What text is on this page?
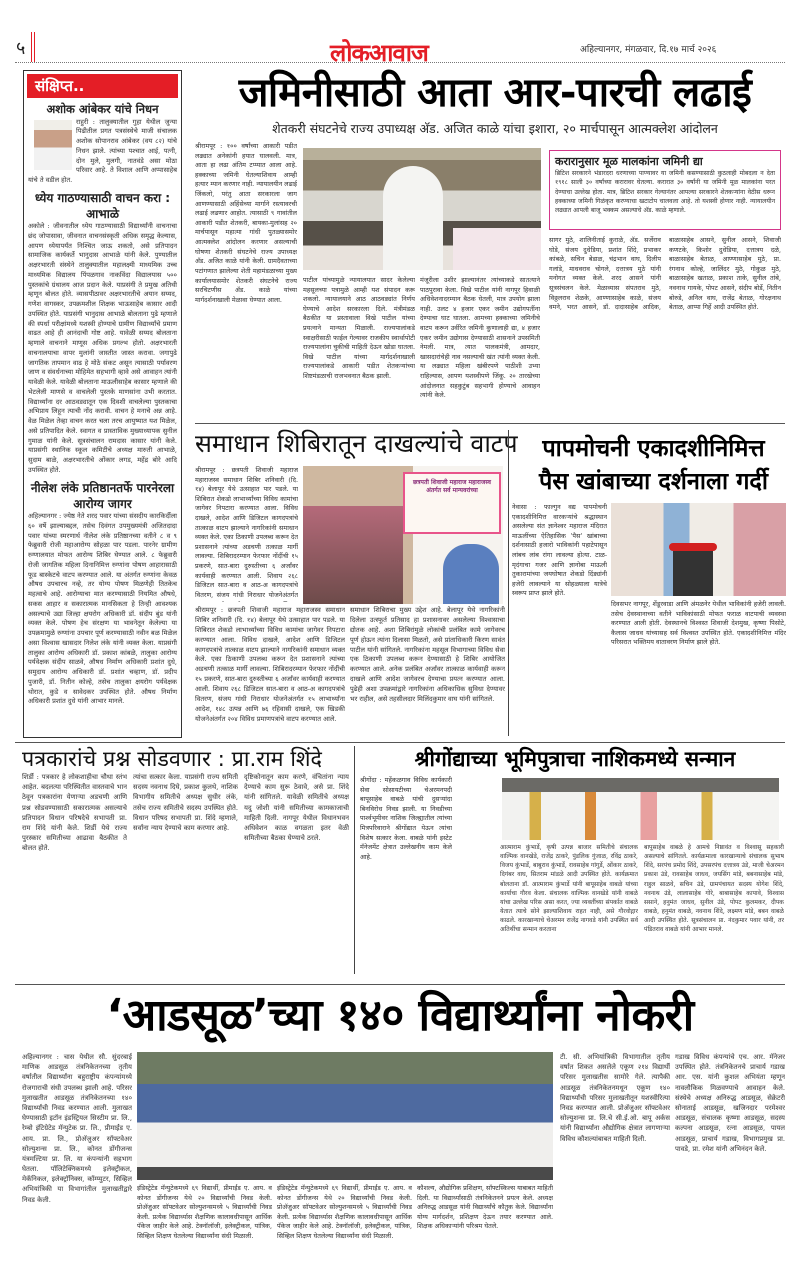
५	लोकआवाज	अहिल्यानगर, मंगळवार, दि.१७ मार्च २०२६
संक्षिप्त..
अशोक आंबेकर यांचे निधन
राहुरी : तालुक्यातील गुहा येथील जुन्या पिढीतील प्रगत पत्रसंस्थेचे माजी संचालक अशोक सोपानराव आंबेकर (वय ८२) यांचे निधन झाले. त्यांच्या पश्चात आई, पत्नी, दोन मुले, मुलगी, नातवंडे असा मोठा परिवार आहे. ते विशाल आणि अप्पासाहेब यांचे ते वडील होत.
ध्येय गाठण्यासाठी वाचन करा : आभाळे
अकोले : जीवनातील ध्येय गाठण्यासाठी विद्यार्थ्यांनी वाचनाचा छंद जोपासावा, जीवनात वाचनसंस्कृती अधिक समृद्ध केल्यास, आपण ध्येयापर्यंत निश्चित जाऊ शकतो, असे प्रतिपादन सामाजिक कार्यकर्ते भानुदास आभाळे यांनी केले. पुण्यातील अक्षरभारती संस्थेने तालुक्यातील महालक्ष्मी माध्यमिक उच्च माध्यमिक विद्यालय पिंपळगाव नाकविंदा विद्यालयास ५०० पुस्तकांचे ग्रंथालय आज प्रदान केले. याप्रसंगी ते प्रमुख अतिथी म्हणून बोलत होते. व्यासपीठावर अक्षरभारतीचे अयान सय्यद, गणेश वागस्कर, उपक्रमशील शिक्षक भाऊसाहेब कासार आदी उपस्थित होते. याप्रसंगी भानुदास आभाळे बोलताना पुढे म्हणाले की स्पर्धा परीक्षांमध्ये यशस्वी होण्याचे ग्रामीण विद्यार्थ्यांचे प्रमाण वाढत आहे ही आनंदाची गोष्ट आहे. यावेळी सय्यद बोलताना म्हणाले वाचनाने माणूस अधिक प्रगल्भ होतो. अक्षरभारती वाचनालयाचा वापर मुलांनी जास्तीत जास्त करावा. जगापुढे जागतिक तापमान वाढ हे मोठे संकट असून त्यासाठी पर्यावरण जाण व संवर्धनाच्या मोहिमेत सहभागी व्हावे असे आवाहन त्यांनी यावेळी केले. यावेळी बोलताना माऊलीसाहेब कासार म्हणाले की भेटलेली माणसे व वाचलेली पुस्तके माणसांना उभी करतात. विद्यार्थ्यांना दर आठवड्यातून एक दिवशी वाचलेल्या पुस्तकाचा अभिप्राय लिहून त्याची नोंद करावी. वाचन हे मनाचे अन्न आहे. वेळ मिळेल तेव्हा वाचन करत चला तरच आयुष्यात यश मिळेल, असे प्रतिपादित केले. स्वागत व प्रास्ताविक मुख्याध्यापक सुनील गुमाळ यांनी केले. सूत्रसंचालन रामदास कासार यांनी केले. याप्रसंगी स्थानिक स्कूल कमिटीचे अध्यक्ष मारुती आभाळे, सुदाम बाळे, अक्षरभारतीचे ओंकार लगड, महेंद्र बोरे आदि उपस्थित होते.
नीलेश लंके प्रतिष्ठानतर्फे पारनेरला आरोग्य जागर
अहिल्यानगर : ज्येष्ठ नेते शरद पवार यांच्या संसदीय कारकिर्दीला ६० वर्षे झाल्याबद्दल, तसेच दिवंगत उपमुख्यमंत्री अजितदादा पवार यांच्या स्मरणार्थ नीलेश लंके प्रतिष्ठानच्या वतीने ८ व ९ फेब्रुवारी रोजी महाआरोग्य सोहळा पार पडला. पारनेर ग्रामीण रुग्णालयात मोफत आरोग्य शिबिर घेण्यात आले. ८ फेब्रुवारी रोजी जागतिक महिला दिनानिमित्त रुग्णांना पोषण आहारासाठी फूड बास्केटचे वाटप करण्यात आले. या अंतर्गत रुग्णांना केवळ औषध उपचारच नव्हे, तर योग्य पोषण मिळणेही तितकेच महत्वाचे आहे. आरोग्याचा मात करण्यासाठी नियमित औषधे, सकस आहार व सकारात्मक मानसिकता हे तिन्ही आवश्यक असल्याचे उद्या जिल्हा क्षयरोग अधिकारी डॉ. संदीप बुंड यांनी व्यक्त केले. पोषण हेच संरक्षण या भावनेतून केलेल्या या उपक्रमामुळे रुग्णांना उपचार पूर्ण करण्यासाठी नवीन बळ मिळेल असा विश्वास खासदार निलेश लंके यांनी व्यक्त केला. याप्रसंगी तालुका आरोग्य अधिकारी डॉ. प्रकाश कांबळे, तालुका आरोग्य पर्यवेक्षक संदीप साळवे, औषध निर्माण अधिकारी प्रशांत दुधे, समुदाय आरोग्य अधिकारी डॉ. प्रशांत चव्हाण, डॉ. प्रदीप पुजारी, डॉ. नितीन कोल्हे, तसेच तालुका क्षयरोग पर्यवेक्षक थोरात, कुडे व सावेदकर उपस्थित होते. औषध निर्माण अधिकारी प्रशांत दुधे यांनी आभार मानले.
जमिनीसाठी आता आर-पारची लढाई
शेतकरी संघटनेचे राज्य उपाध्यक्ष अ‍ॅड. अजित काळे यांचा इशारा, २० मार्चपासून आत्मक्लेश आंदोलन
श्रीरामपूर : १०० वर्षांच्या आकारी पडीत लढ्यात अनेकांनी हयात घालवली. मात्र, आता हा लढा अंतिम टप्प्यात आला आहे. हक्काच्या जमिनी घेतल्याशिवाय आम्ही हत्यार म्यान करणार नाही. न्यायालयीन लढाई जिंकलो, परंतु आता सरकारला जाग आणण्यासाठी अहिंसेच्या मार्गाने रस्त्यावरची लढाई लढणार आहोत. त्यासाठी ९ गावांतील आकारी पडीत शेतकरी, बायका-मुलांसह २० मार्चपासून महात्मा गांधी पुतळ्यासमोर आत्मक्लेश आंदोलन करणार असल्याची घोषणा शेतकरी संघटनेचे राज्य उपाध्यक्ष अ‍ॅड. अजित काळे यांनी केली. ग्रामदैवताच्या पटांगणात झालेल्या शेती महामंडळाच्या मुख्य कार्यालयासमोर शेतकरी संघटनेचे राज्य सरचिटणीस ॲड. काळे यांच्या मार्गदर्शनाखाली मेळावा घेण्यात आला.
पाटील यांच्यामुळे न्यायालयात सादर केलेल्या महसूलच्या पत्रामुळे आम्ही यश संपादन करू शकलो. न्यायालयाने आठ आठवड्यांत निर्णय घेण्याचे आदेश सरकारला दिले. मंत्रीमंडळ बैठकीत या प्रस्तावाला विखे पाटील यांच्या प्रयत्नाने मान्यता मिळाली. राज्यपालांकडे स्वाक्षरीसाठी फाईल गेल्यावर राजकीय स्वार्थापोटी राज्यपालांना चुकीची माहिती देऊन खोडा घातला. विखे पाटील यांच्या मार्गदर्शनाखाली राज्यपालांकडे आकारी पडीत शेतकऱ्यांच्या शिष्टमंडळाची राजभवनात बैठक झाली.
मंजूरीला उशीर झाल्यानंतर त्यांच्याकडे सातत्याने पाठपुरावा केला. विखे पाटील यांनी नागपूर हिवाळी अधिवेशनादरम्यान बैठक घेतली, मात्र उपयोग झाला नाही. उलट ४ हजार एकर जमीन उद्योगपतींना देण्याचा घाट घातला. आमच्या हक्काच्या जमिनीचे वाटप करून उर्वरित जमिनी कुणालाही द्या, ४ हजार एकर जमीन उद्योगास देण्यासाठी शासनाने उपसमिती नेमली. मात्र, त्यात पालकमंत्री, आमदार, खासदारांचेही नाव नसल्याची खंत त्यांनी व्यक्त केली. या लढ्यात महिला खंबीरपणे पाठीशी उभ्या राहिल्यास, आपण यशस्वीपणे जिंकू. २० तारखेच्या आंदोलनात सहकुटुंब सहभागी होण्याचे आवाहन त्यांनी केले.
करारानुसार मूळ मालकांना जमिनी द्या
ब्रिटिश सरकारने भंडारदरा धरणाच्या पाण्यावर या जमिनी कसण्यासाठी कुठलाही मोबदला न देता १९१८ साली ३० वर्षांच्या करारावर घेतल्या. करारात ३० वर्षांनी या जमिनी मूळ मालकांना परत देण्याचा उल्लेख होता. मात्र, ब्रिटिश सरकार गेल्यानंतर आपल्या सरकारने शेतकऱ्यांना वेठीस धरून हक्काच्या जमिनी गिळंकृत करण्याचा खटाटोप चालवला आहे. तो यशस्वी होणार नाही. न्यायालयीन लढ्यात आपली बाजू भक्कम असल्याचे अ‍ॅड. काळे म्हणाले.
सागर मुठे, शालिनीताई कुराळे, ॲड. सर्जेराव घोडे, संजय दुधेडिया, प्रशांत शिंदे, प्रभाकर कांबळे, सचिन बेडाळ, चंद्रभान वाघ, दिलीप गलांडे, माधवराव चोगले, दत्तात्रय मुठे यांनी मनोगत व्यक्त केले. शरद आसने यांनी सूत्रसंचलन केले. मेळाव्यास संपतराव मुठे, विठ्ठलराव शेळके, आण्णासाहेब काळे, संजय वमने, भरत आसने, डॉ. दादासाहेब आदिक, बाळासाहेब आसने, सुनील आसने, शिवाजी कणटके, किशोर दुधेडिया, दत्तात्रय दळे, बाळासाहेब बेताळ, आण्णासाहेब मुठे, प्रा. रंगनाथ कोल्हे, जालिंदर मुठे, गोकुळ मुठे, बाळासाहेब खताळ, प्रकाश ताके, सुनील तांबे, नवनाथ गायके, पोपट आसने, संदीप बोर्डे, नितीन बोरुडे, अनिल वाघ, राजेंद्र बेताळ, गोरक्षनाथ बेताळ, आप्पा गिर्हे आदी उपस्थित होते.
समाधान शिबिरातून दाखल्यांचे वाटप
श्रीरामपूर : छत्रपती शिवाजी महाराज महाराजस्व समाधान शिबिर शनिवारी (दि. १४) बेलापूर येथे उत्साहात पार पडले. या शिबिरात शेकडो लाभार्थ्यांच्या विविध कामांचा जागेवर निपटारा करण्यात आला. विविध दाखले, आदेश आणि डिजिटल कागदपत्रांचे तात्काळ वाटप झाल्याने नागरिकांनी समाधान व्यक्त केले. एका ठिकाणी उपलब्ध करून देत प्रशासनाने त्यांच्या अडचणी तत्काळ मार्गी लावल्या. शिबिरादरम्यान फेरफार नोंदींची १५ प्रकरणे, सात-बारा दुरुस्तीच्या ६ अर्जांवर कार्यवाही करण्यात आली. शिवाय २६८ डिजिटल सात-बारा व आठ-अ कागदपत्रांचे वितरण, संजय गांधी निराधार योजनेअंतर्गत
छत्रपती शिवाजी महाराज महाराजस्व अंतर्गत सर्व मान्यवरांच्या
श्रीरामपूर : छत्रपती शिवाजी महाराज महाराजस्व समाधान शिबिर शनिवारी (दि. १४) बेलापूर येथे उत्साहात पार पडले. या शिबिरात शेकडो लाभार्थ्यांच्या विविध कामांचा जागेवर निपटारा करण्यात आला. विविध दाखले, आदेश आणि डिजिटल कागदपत्रांचे तात्काळ वाटप झाल्याने नागरिकांनी समाधान व्यक्त केले. एका ठिकाणी उपलब्ध करून देत प्रशासनाने त्यांच्या अडचणी तत्काळ मार्गी लावल्या. शिबिरादरम्यान फेरफार नोंदींची १५ प्रकरणे, सात-बारा दुरुस्तीच्या ६ अर्जांवर कार्यवाही करण्यात आली. शिवाय २६८ डिजिटल सात-बारा व आठ-अ कागदपत्रांचे वितरण, संजय गांधी निराधार योजनेअंतर्गत १५ लाभार्थ्यांना आदेश, १४८ उत्पन्न आणि ७६ रहिवासी दाखले, एक खिडकी योजनेअंतर्गत २०४ विविध प्रमाणपत्रांचे वाटप करण्यात आले.
समाधान शिबिराचा मुख्य उद्देश आहे. बेलापूर येथे नागरिकांनी दिलेला उत्स्फूर्त प्रतिसाद हा प्रशासनावर असलेल्या विश्वासाचा द्योतक आहे. अशा शिबिरांमुळे लोकांची प्रलंबित कामे जागेवरच पूर्ण होऊन त्यांना दिलासा मिळतो, असे प्रांताधिकारी किरण सावंत पाटील यांनी सांगितले. नागरिकांना महसूल विभागाच्या विविध सेवा एक ठिकाणी उपलब्ध करून देण्यासाठी हे शिबिर आयोजित करण्यात आले. अनेक प्रलंबित अर्जांवर तात्काळ कार्यवाही करून दाखले आणि आदेश जागेवरच देण्याचा प्रयत्न करण्यात आला. पुढेही अशा उपक्रमांद्वारे नागरिकांना अधिकाधिक सुविधा देण्यावर भर राहील, असे तहसीलदार मिलिंदकुमार वाघ यांनी सांगितले.
पापमोचनी एकादशीनिमित्त
पैस खांबाच्या दर्शनाला गर्दी
नेवासा : फाल्गुन वद्य पापमोचनी एकादशीनिमित्त वारकऱ्यांचे श्रद्धास्थान असलेल्या संत ज्ञानेश्वर महाराज मंदिरात माऊलींच्या ऐतिहासिक 'पैस' खांबाच्या दर्शनासाठी हजारो भाविकांनी पहाटेपासून लांबच लांब रांगा लावल्या होत्या. टाळ-मृदंगाचा गजर आणि ज्ञानोबा माऊली तुकारामांच्या जयघोषात शेकडो दिंड्यांनी हजेरी लावल्याने या सोहळ्याला यात्रेचे स्वरूप प्राप्त झाले होते.
दिवसभर नागपूर, शेंडूरवाडा आणि अंमळनेर येथील भाविकांनी हजेरी लावली. तसेच देवस्थानाच्या वतीने भाविकांसाठी मोफत फराळ वाटपाची व्यवस्था करण्यात आली होती. देवस्थानचे विश्वस्त शिवाजी देशमुख, कृष्णा पिसोटे, कैलास जाधव यांच्यासह सर्व विश्वस्त उपस्थित होते. एकादशीनिमित्त मंदिर परिसरात भक्तिमय वातावरण निर्माण झाले होते.
पत्रकारांचे प्रश्न सोडवणार : प्रा.राम शिंदे
शिर्डी : पत्रकार हे लोकशाहीचा चौथा स्तंभ आहेत. बदलत्या परिस्थितीत वास्तवाचे भान ठेवून पत्रकारांना येणाऱ्या अडचणी आणि प्रश्न सोडवण्यासाठी सकारात्मक असल्याचे प्रतिपादन विधान परिषदेचे सभापती प्रा. राम शिंदे यांनी केले. शिर्डी येथे राज्य पुरस्कार समितीच्या आढावा बैठकीत ते बोलत होते.
त्यांचा सत्कार केला. याप्रसंगी राज्य समिती सदस्य नवनाथ दिघे, प्रकाश कुलथे, नाशिक विभागीय समितीचे अध्यक्ष सुधीर लंके, तसेच राज्य समितीचे सदस्य उपस्थित होते. विधान परिषद सभापती प्रा. शिंदे म्हणाले, सर्वांना न्याय देण्याचे काम करणार आहे.
दृष्टिकोनातून काम करणे, वंचितांना न्याय देण्याचे काम सुरू ठेवावे, असे प्रा. शिंदे यांनी सांगितले. यावेळी समितीचे अध्यक्ष यदु जोशी यांनी समितीच्या कामकाजाची माहिती दिली. नागपूर येथील विधानभवन अधिवेशन काळ वगळता इतर वेळी समितीच्या बैठका घेण्याचे ठरले.
श्रीगोंद्याच्या भूमिपुत्राचा नाशिकमध्ये सन्मान
श्रीगोंदा : महेंकळगाव विविध कार्यकारी सेवा सोसायटीच्या चेअरमनपदी बापूसाहेब वाबळे यांची दुसऱ्यांदा बिनविरोध निवड झाली. या निवडीच्या पार्श्वभूमीवर नाशिक जिल्ह्यातील त्यांच्या मित्रपरिवाराने श्रीगोंद्यात येऊन त्यांचा विशेष सत्कार केला. वाबळे यांनी इस्टेट मॅनेजमेंट क्षेत्रात उल्लेखनीय काम केले आहे.
आत्माराम कुंभार्डे, कृषी उत्पन्न बाजार समितीचे संचालक वाल्मिक वानखेडे, राजेंद्र ठाकरे, पुंडलिक गुंजाळ, रविंद्र ठाकरे, विजय कुंभार्डे, बाबुराव कुंभार्डे, रावसाहेब गांगुर्डे, ओंकार ठाकरे, दिगंबर वाघ, सितराम मांडळे आदी उपस्थित होते. कार्यक्रमात बोलताना डॉ. आत्माराम कुंभार्डे यांनी बापूसाहेब वाबळे यांच्या कार्याचा गौरव केला. संचालक वाल्मिक वानखेडे यांनी वाबळे यांचा उल्लेख परिस असा करत, ज्या व्यक्तींच्या संपर्कात वाबळे येतात त्याचे सोने झाल्याशिवाय राहत नाही, असे गौरवोद्गार काढले. कारखान्याचे चेअरमन राजेंद्र नागवडे यांनी उपस्थित सर्व अतिथींचा सन्मान करताना
बापूसाहेब वाबळे हे आमचे निष्ठावंत व विश्वासू सहकारी असल्याचे सांगितले. कार्यक्रमाला कारखान्याचे संचालक सुभाष शिंदे, सरपंच प्रमोद शिंदे, उपसरपंच दत्तात्रय उंडे, माजी चेअरमन प्रकाश उंडे, रावसाहेब जाधव, जयसिंग मांडे, बबनासाहेब मांडे, राहुल साळवे, सचिन उंडे, ग्रामपंचायत सदस्य योगेश शिंदे, नवनाथ उंडे, लालासाहेब गोरे, बाबासाहेब कापावे, विश्वास ससाने, हनुमंत जाधव, सुनील उंडे, पोपट कुलमकर, दीपक वाबळे, हनुमंत वाबळे, नवनाथ शिंदे, लक्ष्मण मांडे, बबन वाबळे आदी उपस्थित होते. सूत्रसंचालन प्रा. नंदकुमार पवार यांनी, तर पंडितराव वाबळे यांनी आभार मानले.
‘आडसूळ’च्या १४० विद्यार्थ्यांना नोकरी
अहिल्यानगर : चास येथील सौ. सुंदरबाई माणिक आडसूळ तंत्रनिकेतनच्या तृतीय वर्षातील विद्यार्थ्यांना बहुराष्ट्रीय कंपन्यांमध्ये रोजगाराची संधी उपलब्ध झाली आहे. परिसर मुलाखतीत आडसूळ तंत्रनिकेतनच्या १४० विद्यार्थ्यांची निवड करण्यात आली. मुलाखत घेण्यासाठी इटॉन इंडस्ट्रियल सिस्टीम प्रा. लि., रेम्बो इंटिग्रेटेड मॅन्युटेक प्रा. लि., प्रीमाईंड ए. आय. प्रा. लि., प्रोअ‍ॅजुअर सॉफ्टवेअर सोल्युशन्स प्रा. लि., कोनत डोंगीजन्स यंत्रमल्टिया प्रा. लि. या कंपन्यांनी सहभाग घेतला. पॉलिटेक्निकमध्ये इलेक्ट्रीकल, मेकॅनिकल, इलेक्ट्रॉनिक्स, कॉम्प्युटर, सिव्हिल अभियांत्रिकी या विभागांतील मुलाखतीद्वारे निवड केली.
इंडिस्ट्रेटेड मॅन्युटेकमध्ये ६९ विद्यार्थी, प्रीमाईंड ए. आय. व कोनत डोंगीजन्स येथे २० विद्यार्थ्यांची निवड केली. प्रोअ‍ॅजुअर सॉफ्टवेअर सोल्युशन्समध्ये ५ विद्यार्थ्यांची निवड केली. प्रत्येक विद्यार्थ्यास शैक्षणिक कालावधीपासून आर्थिक पॅकेज जाहीर केले आहे. टेक्नॉलॉजी, इलेक्ट्रीकल, यांत्रिक, सिव्हिल शिक्षण घेतलेल्या विद्यार्थ्यांना संधी मिळाली.
इंडिस्ट्रेटेड मॅन्युटेकमध्ये ६९ विद्यार्थी, प्रीमाईंड ए. आय. व कोनत डोंगीजन्स येथे २० विद्यार्थ्यांची निवड केली. प्रोअ‍ॅजुअर सॉफ्टवेअर सोल्युशन्समध्ये ५ विद्यार्थ्यांची निवड केली. प्रत्येक विद्यार्थ्यास शैक्षणिक कालावधीपासून आर्थिक पॅकेज जाहीर केले आहे. टेक्नॉलॉजी, इलेक्ट्रीकल, यांत्रिक, सिव्हिल शिक्षण घेतलेल्या विद्यार्थ्यांना संधी मिळाली.
कौशल्य, औद्योगिक प्रशिक्षण, सॉफ्टस्किल्स याबाबत माहिती दिली. या विद्यार्थ्यांसाठी तंत्रनिकेतनने प्रयत्न केले. अध्यक्ष अनिरुद्ध आडसूळ यांनी विद्यार्थ्यांचे कौतुक केले. विद्यार्थ्यांना योग्य मार्गदर्शन, प्रशिक्षण देऊन तयार करण्यात आले. शिक्षक अधिकाऱ्यांनी परिश्रम घेतले.
टी. सी. अभियांत्रिकी विभागातील तृतीय वर्षात शिकत असलेले एकूण २१४ विद्यार्थी परिसर मुलाखतीस सामोरे गेले. त्यापैकी आडसूळ तंत्रनिकेतनमधून एकूण १४० विद्यार्थ्यांची परिसर मुलाखतीतून यशस्वीरित्या निवड करण्यात आली. प्रोअ‍ॅजुअर सॉफ्टवेअर सोल्युशन्स प्रा. लि.चे सी.ई.ओ. बापू अर्कस यांनी विद्यार्थ्यांना औद्योगिक क्षेत्रात लागणाऱ्या विविध कौशल्यांबाबत माहिती दिली.
गडाख विविध कंपन्यांचे एच. आर. मॅनेजर उपस्थित होते. तंत्रनिकेतनचे प्राचार्य गडाख आर. एस. यांनी कुशल अभियंता म्हणून नावलौकिक मिळवण्याचे आवाहन केले. संस्थेचे अध्यक्ष अनिरुद्ध आडसूळ, सेक्रेटरी सोनाताई आडसूळ, खजिनदार परमेश्वर आडसूळ, संचालक कृष्णा आडसूळ, सदस्य कल्पना आडसूळ, रत्ना आडसूळ, पायल आडसूळ, प्राचार्य गडाख, विभागप्रमुख प्रा. पावडे, प्रा. रमेश यांनी अभिनंदन केले.
